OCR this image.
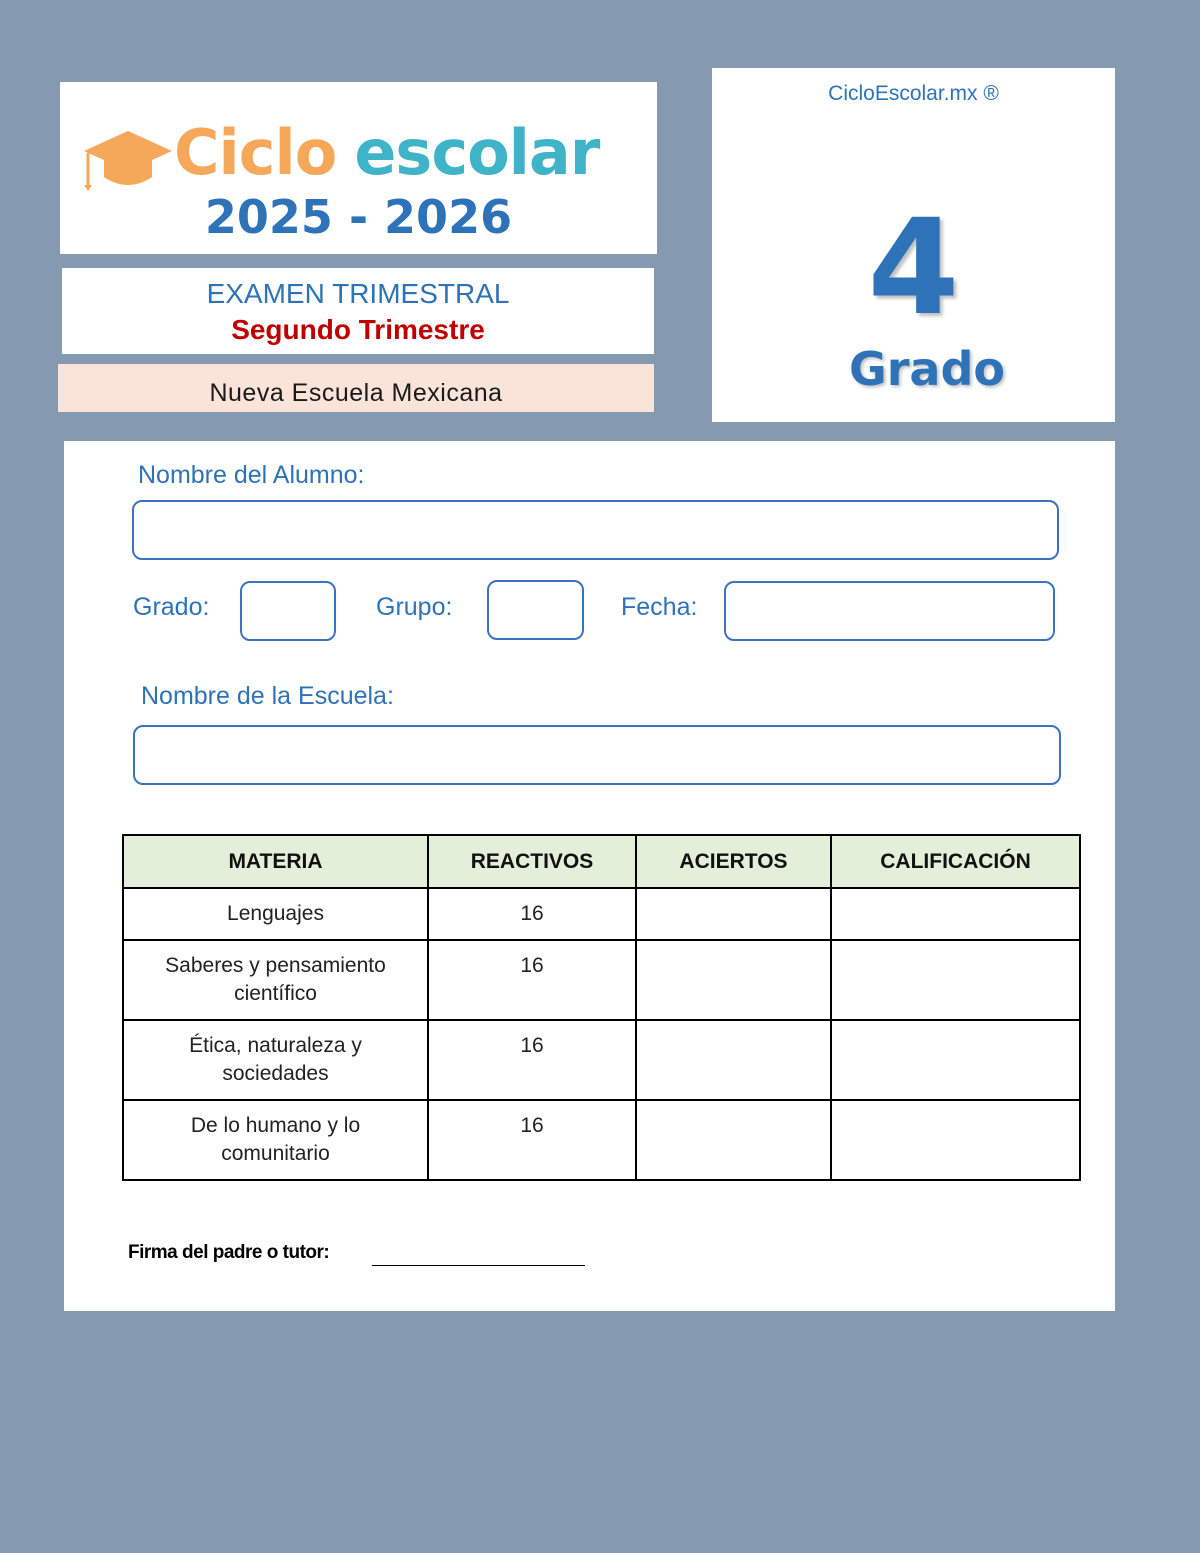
Ciclo escolar
2025 - 2026
EXAMEN TRIMESTRAL
Segundo Trimestre
Nueva Escuela Mexicana
CicloEscolar.mx ®
4
Grado
Nombre del Alumno:
Grado:	Grupo:	Fecha:
Nombre de la Escuela:
MATERIA	REACTIVOS	ACIERTOS	CALIFICACIÓN
Lenguajes	16		
Saberes y pensamiento científico	16		
Ética, naturaleza y sociedades	16		
De lo humano y lo comunitario	16		
Firma del padre o tutor:
